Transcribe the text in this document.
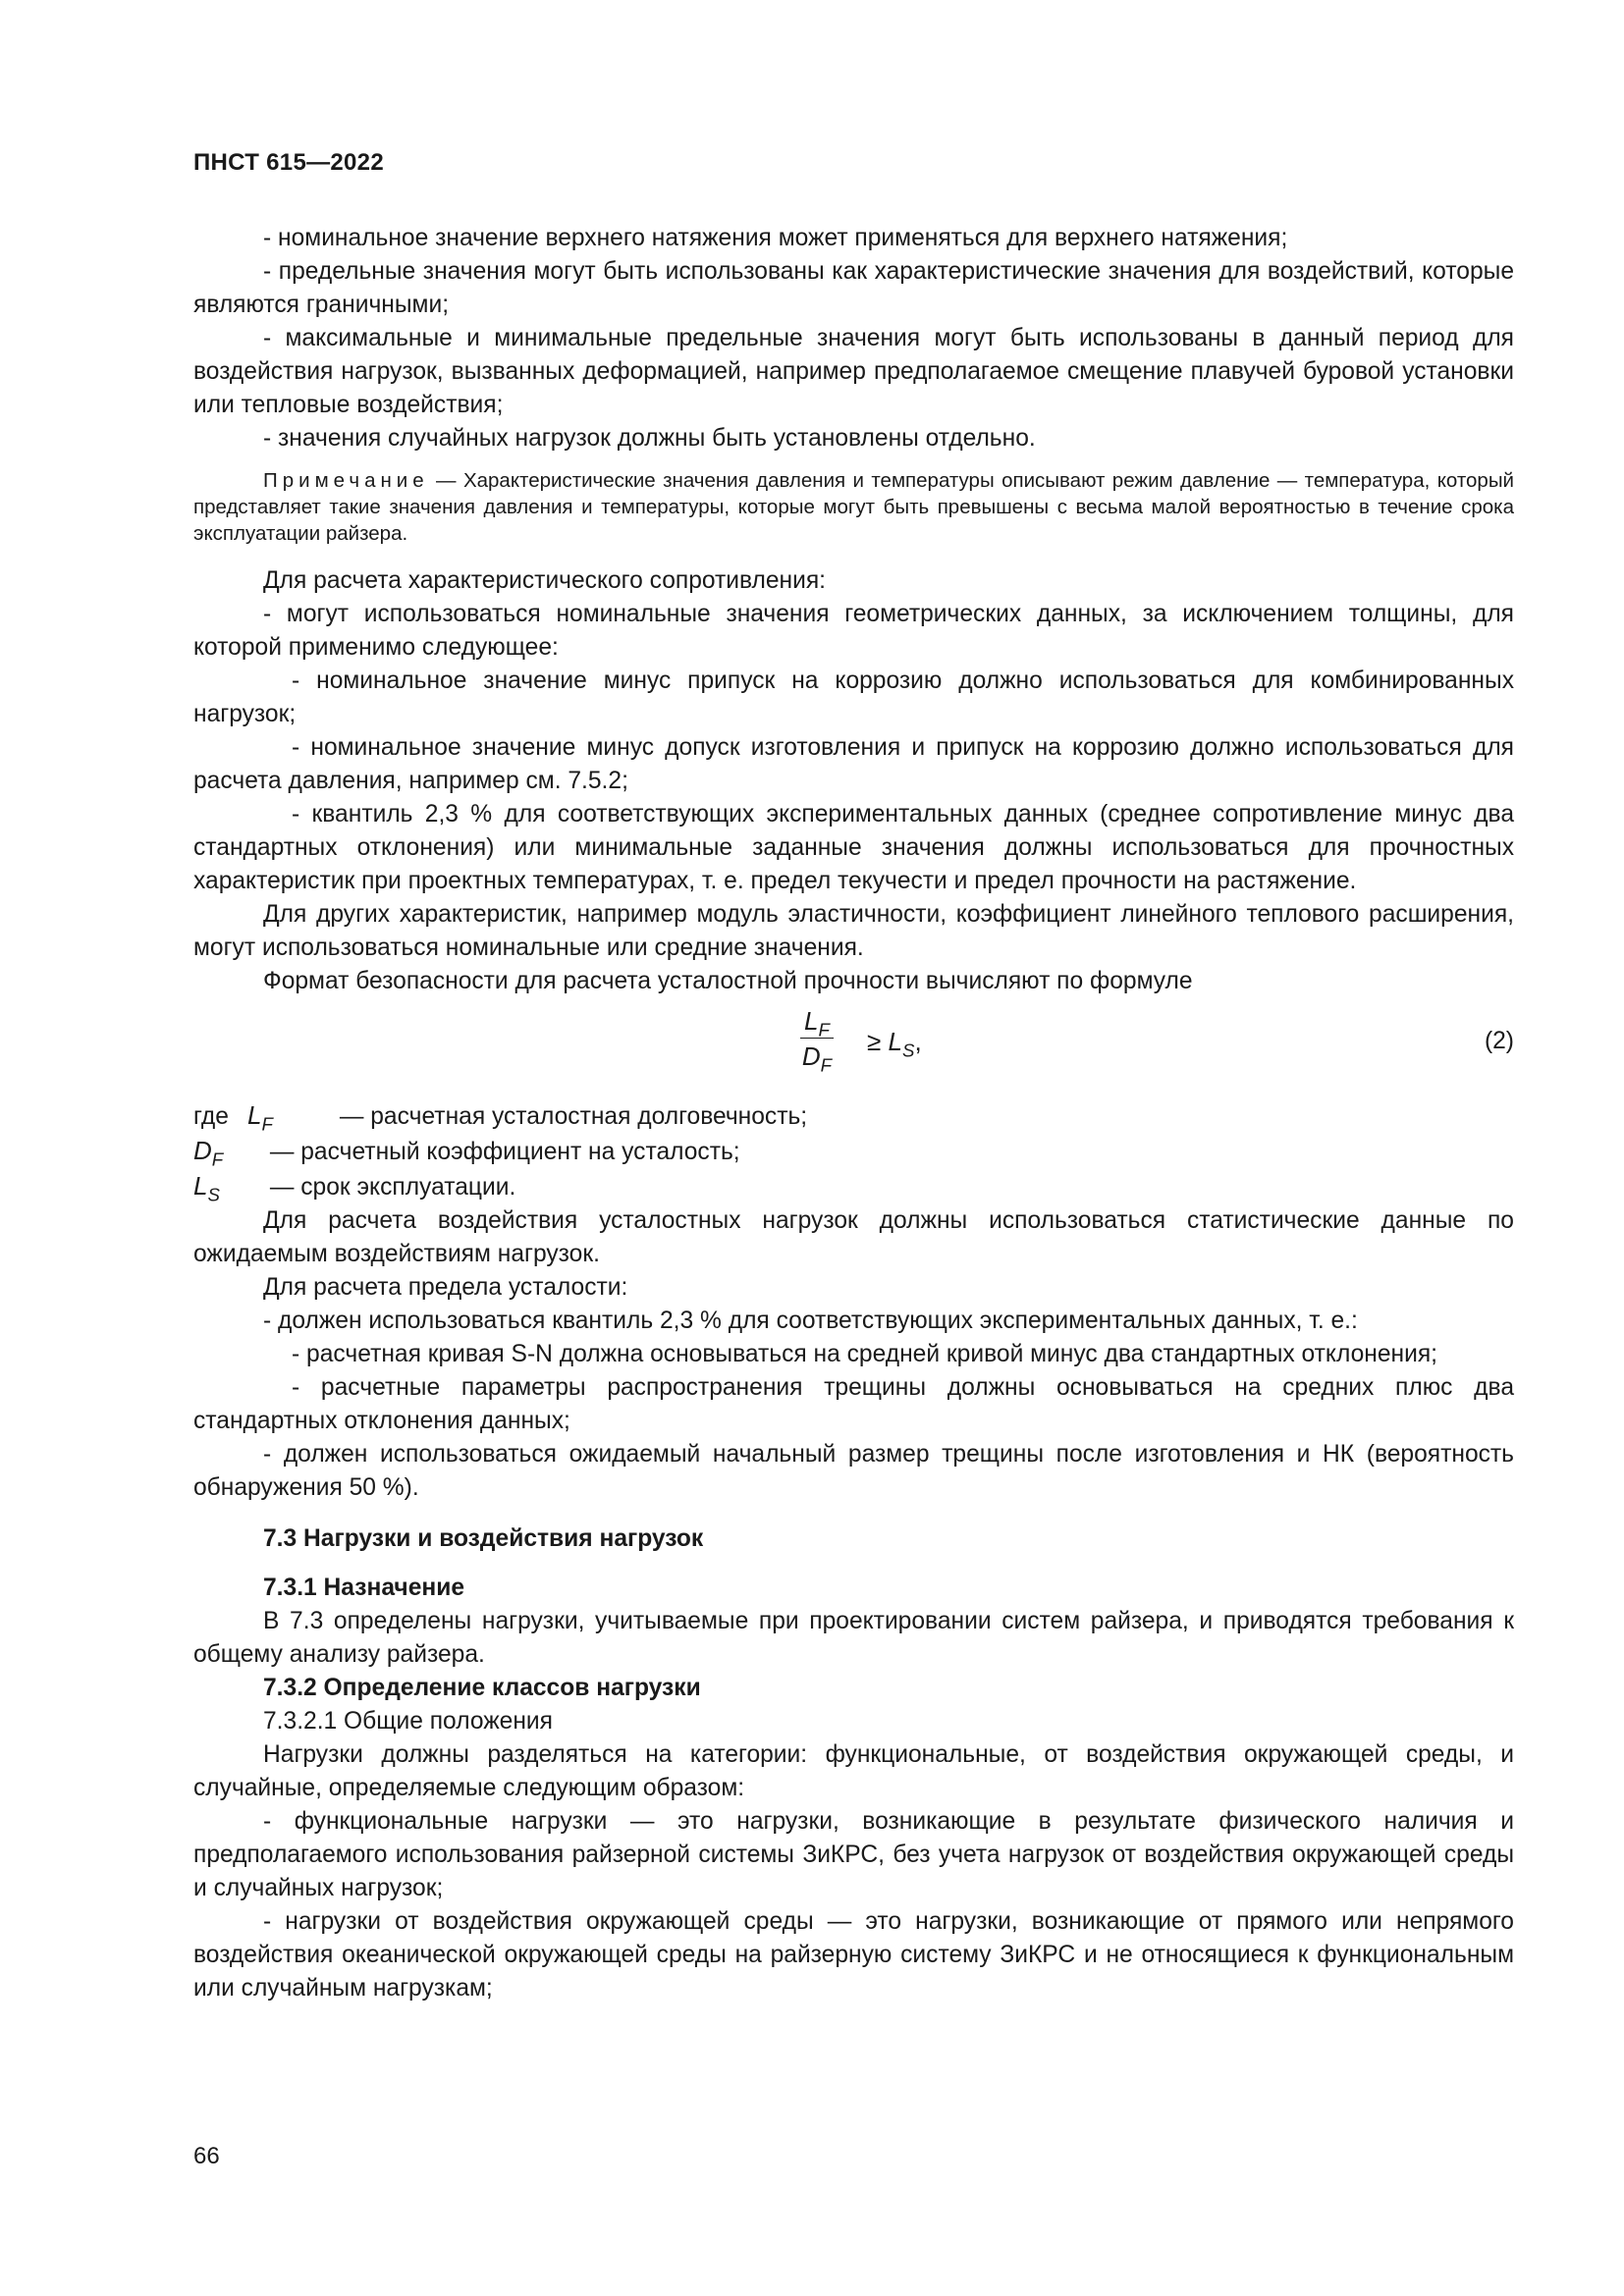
ПНСТ 615—2022

- номинальное значение верхнего натяжения может применяться для верхнего натяжения;

- предельные значения могут быть использованы как характеристические значения для воздействий, которые являются граничными;

- максимальные и минимальные предельные значения могут быть использованы в данный период для воздействия нагрузок, вызванных деформацией, например предполагаемое смещение плавучей буровой установки или тепловые воздействия;

- значения случайных нагрузок должны быть установлены отдельно.

Примечание — Характеристические значения давления и температуры описывают режим давление — температура, который представляет такие значения давления и температуры, которые могут быть превышены с весьма малой вероятностью в течение срока эксплуатации райзера.

Для расчета характеристического сопротивления:

- могут использоваться номинальные значения геометрических данных, за исключением толщины, для которой применимо следующее:

- номинальное значение минус припуск на коррозию должно использоваться для комбинированных нагрузок;

- номинальное значение минус допуск изготовления и припуск на коррозию должно использоваться для расчета давления, например см. 7.5.2;

- квантиль 2,3 % для соответствующих экспериментальных данных (среднее сопротивление минус два стандартных отклонения) или минимальные заданные значения должны использоваться для прочностных характеристик при проектных температурах, т. е. предел текучести и предел прочности на растяжение.

Для других характеристик, например модуль эластичности, коэффициент линейного теплового расширения, могут использоваться номинальные или средние значения.

Формат безопасности для расчета усталостной прочности вычисляют по формуле

$\frac{L_F}{D_F} \ge L_S$,	(2)

где $L_F$ — расчетная усталостная долговечность;

$D_F$ — расчетный коэффициент на усталость;

$L_S$ — срок эксплуатации.

Для расчета воздействия усталостных нагрузок должны использоваться статистические данные по ожидаемым воздействиям нагрузок.

Для расчета предела усталости:

- должен использоваться квантиль 2,3 % для соответствующих экспериментальных данных, т. е.:

- расчетная кривая S-N должна основываться на средней кривой минус два стандартных отклонения;

- расчетные параметры распространения трещины должны основываться на средних плюс два стандартных отклонения данных;

- должен использоваться ожидаемый начальный размер трещины после изготовления и НК (вероятность обнаружения 50 %).

7.3 Нагрузки и воздействия нагрузок

7.3.1 Назначение

В 7.3 определены нагрузки, учитываемые при проектировании систем райзера, и приводятся требования к общему анализу райзера.

7.3.2 Определение классов нагрузки

7.3.2.1 Общие положения

Нагрузки должны разделяться на категории: функциональные, от воздействия окружающей среды, и случайные, определяемые следующим образом:

- функциональные нагрузки — это нагрузки, возникающие в результате физического наличия и предполагаемого использования райзерной системы ЗиКРС, без учета нагрузок от воздействия окружающей среды и случайных нагрузок;

- нагрузки от воздействия окружающей среды — это нагрузки, возникающие от прямого или непрямого воздействия океанической окружающей среды на райзерную систему ЗиКРС и не относящиеся к функциональным или случайным нагрузкам;

66
